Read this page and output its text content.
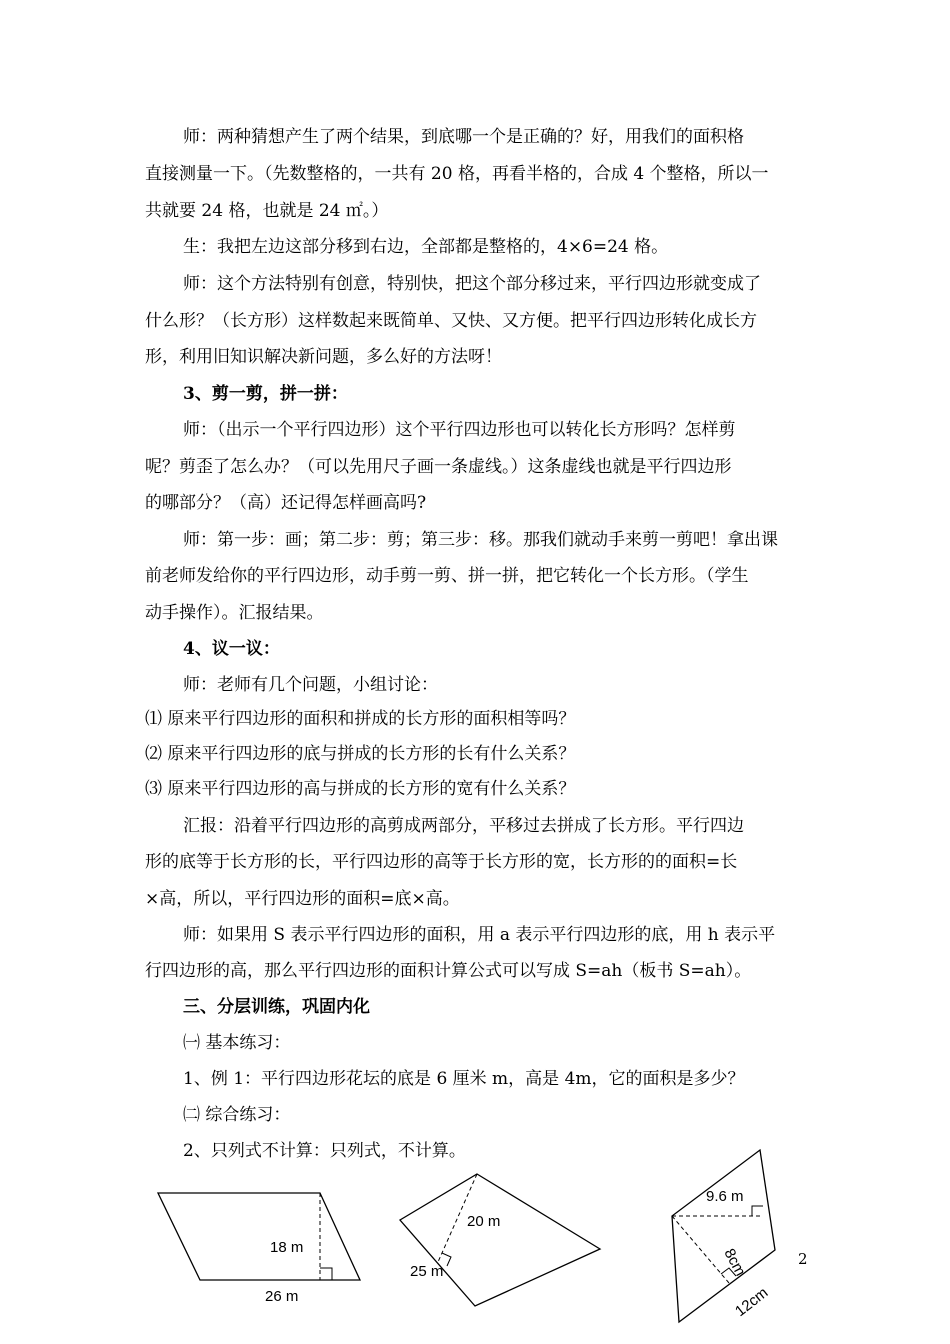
师：两种猜想产生了两个结果，到底哪一个是正确的？好，用我们的面积格
直接测量一下。（先数整格的，一共有 20 格，再看半格的，合成 4 个整格，所以一
共就要 24 格，也就是 24 ㎡。）
生：我把左边这部分移到右边，全部都是整格的，4×6=24 格。
师：这个方法特别有创意，特别快，把这个部分移过来，平行四边形就变成了
什么形？（长方形）这样数起来既简单、又快、又方便。把平行四边形转化成长方
形，利用旧知识解决新问题，多么好的方法呀！
3、剪一剪，拼一拼：
师：（出示一个平行四边形）这个平行四边形也可以转化长方形吗？怎样剪
呢？剪歪了怎么办？（可以先用尺子画一条虚线。）这条虚线也就是平行四边形
的哪部分？（高）还记得怎样画高吗?
师：第一步：画；第二步：剪；第三步：移。那我们就动手来剪一剪吧！拿出课
前老师发给你的平行四边形，动手剪一剪、拼一拼，把它转化一个长方形。（学生
动手操作）。汇报结果。
4、议一议：
师：老师有几个问题，小组讨论：
⑴ 原来平行四边形的面积和拼成的长方形的面积相等吗？
⑵ 原来平行四边形的底与拼成的长方形的长有什么关系？
⑶ 原来平行四边形的高与拼成的长方形的宽有什么关系？
汇报：沿着平行四边形的高剪成两部分，平移过去拼成了长方形。平行四边
形的底等于长方形的长，平行四边形的高等于长方形的宽，长方形的的面积=长
×高，所以，平行四边形的面积=底×高。
师：如果用 S 表示平行四边形的面积，用 a 表示平行四边形的底，用 h 表示平
行四边形的高，那么平行四边形的面积计算公式可以写成 S=ah（板书 S=ah）。
三、分层训练，巩固内化
㈠ 基本练习：
1、例 1：平行四边形花坛的底是 6 厘米 m，高是 4m，它的面积是多少？
㈡ 综合练习：
2、只列式不计算：只列式，不计算。
18 m
26 m
20 m
25 m
9.6 m
8cm
12cm
2
